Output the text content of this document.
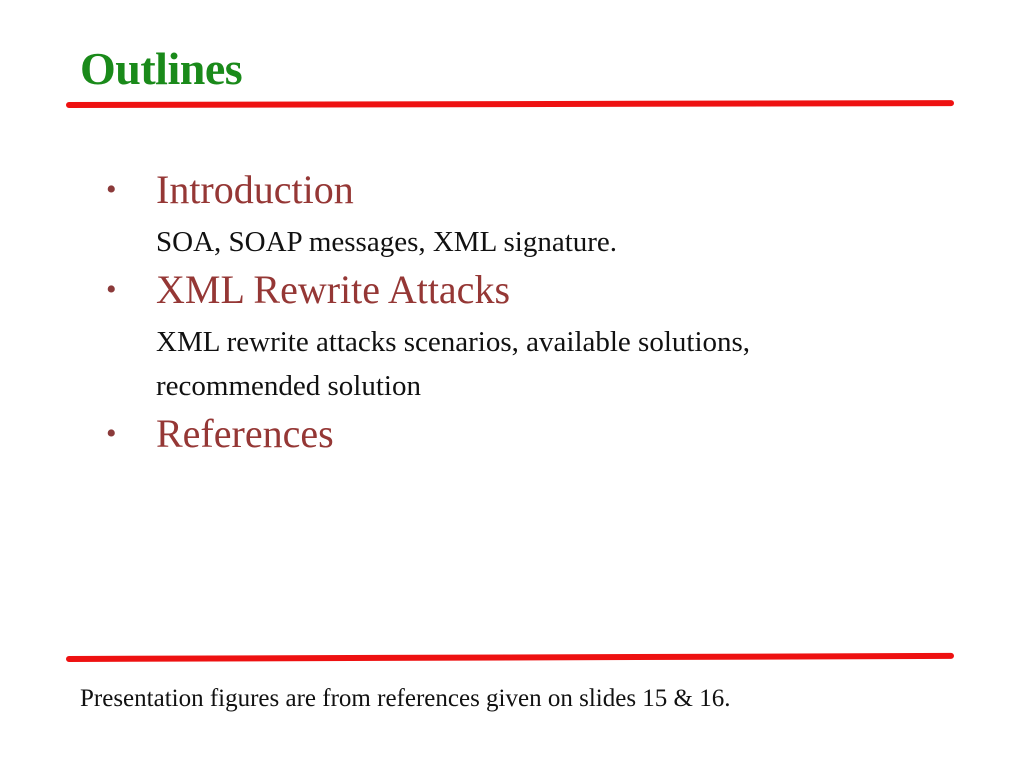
Outlines
• Introduction
SOA, SOAP messages, XML signature.
• XML Rewrite Attacks
XML rewrite attacks scenarios, available solutions, recommended solution
• References
Presentation figures are from references given on slides 15 & 16.
